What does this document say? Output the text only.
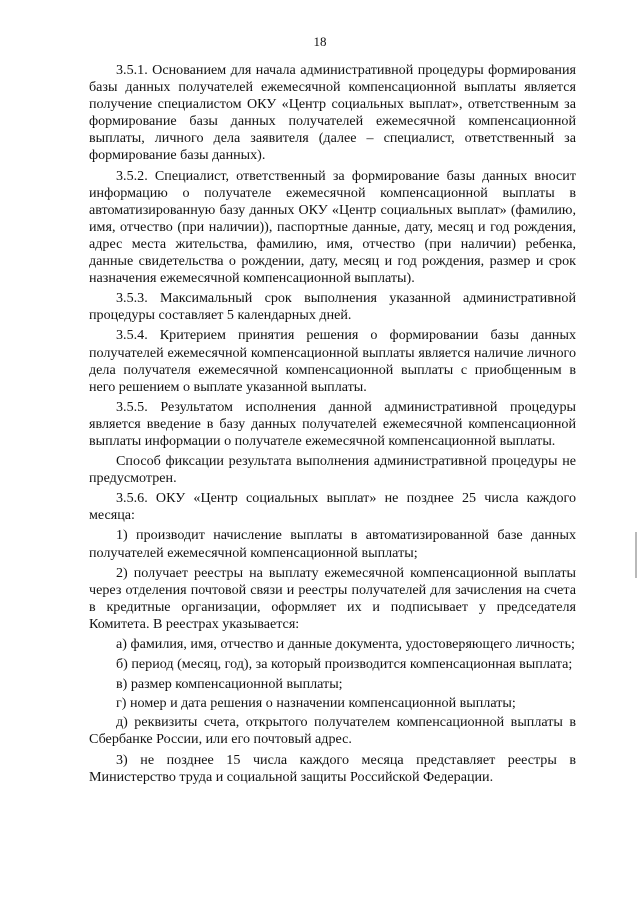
18

3.5.1. Основанием для начала административной процедуры формирования базы данных получателей ежемесячной компенсационной выплаты является получение специалистом ОКУ «Центр социальных выплат», ответственным за формирование базы данных получателей ежемесячной компенсационной выплаты, личного дела заявителя (далее – специалист, ответственный за формирование базы данных).

3.5.2. Специалист, ответственный за формирование базы данных вносит информацию о получателе ежемесячной компенсационной выплаты в автоматизированную базу данных ОКУ «Центр социальных выплат» (фамилию, имя, отчество (при наличии)), паспортные данные, дату, месяц и год рождения, адрес места жительства, фамилию, имя, отчество (при наличии) ребенка, данные свидетельства о рождении, дату, месяц и год рождения, размер и срок назначения ежемесячной компенсационной выплаты).

3.5.3. Максимальный срок выполнения указанной административной процедуры составляет 5 календарных дней.

3.5.4. Критерием принятия решения о формировании базы данных получателей ежемесячной компенсационной выплаты является наличие личного дела получателя ежемесячной компенсационной выплаты с приобщенным в него решением о выплате указанной выплаты.

3.5.5. Результатом исполнения данной административной процедуры является введение в базу данных получателей ежемесячной компенсационной выплаты информации о получателе ежемесячной компенсационной выплаты.

Способ фиксации результата выполнения административной процедуры не предусмотрен.

3.5.6. ОКУ «Центр социальных выплат» не позднее 25 числа каждого месяца:

1) производит начисление выплаты в автоматизированной базе данных получателей ежемесячной компенсационной выплаты;

2) получает реестры на выплату ежемесячной компенсационной выплаты через отделения почтовой связи и реестры получателей для зачисления на счета в кредитные организации, оформляет их и подписывает у председателя Комитета. В реестрах указывается:

а) фамилия, имя, отчество и данные документа, удостоверяющего личность;

б) период (месяц, год), за который производится компенсационная выплата;

в) размер компенсационной выплаты;

г) номер и дата решения о назначении компенсационной выплаты;

д) реквизиты счета, открытого получателем компенсационной выплаты в Сбербанке России, или его почтовый адрес.

3) не позднее 15 числа каждого месяца представляет реестры в Министерство труда и социальной защиты Российской Федерации.
